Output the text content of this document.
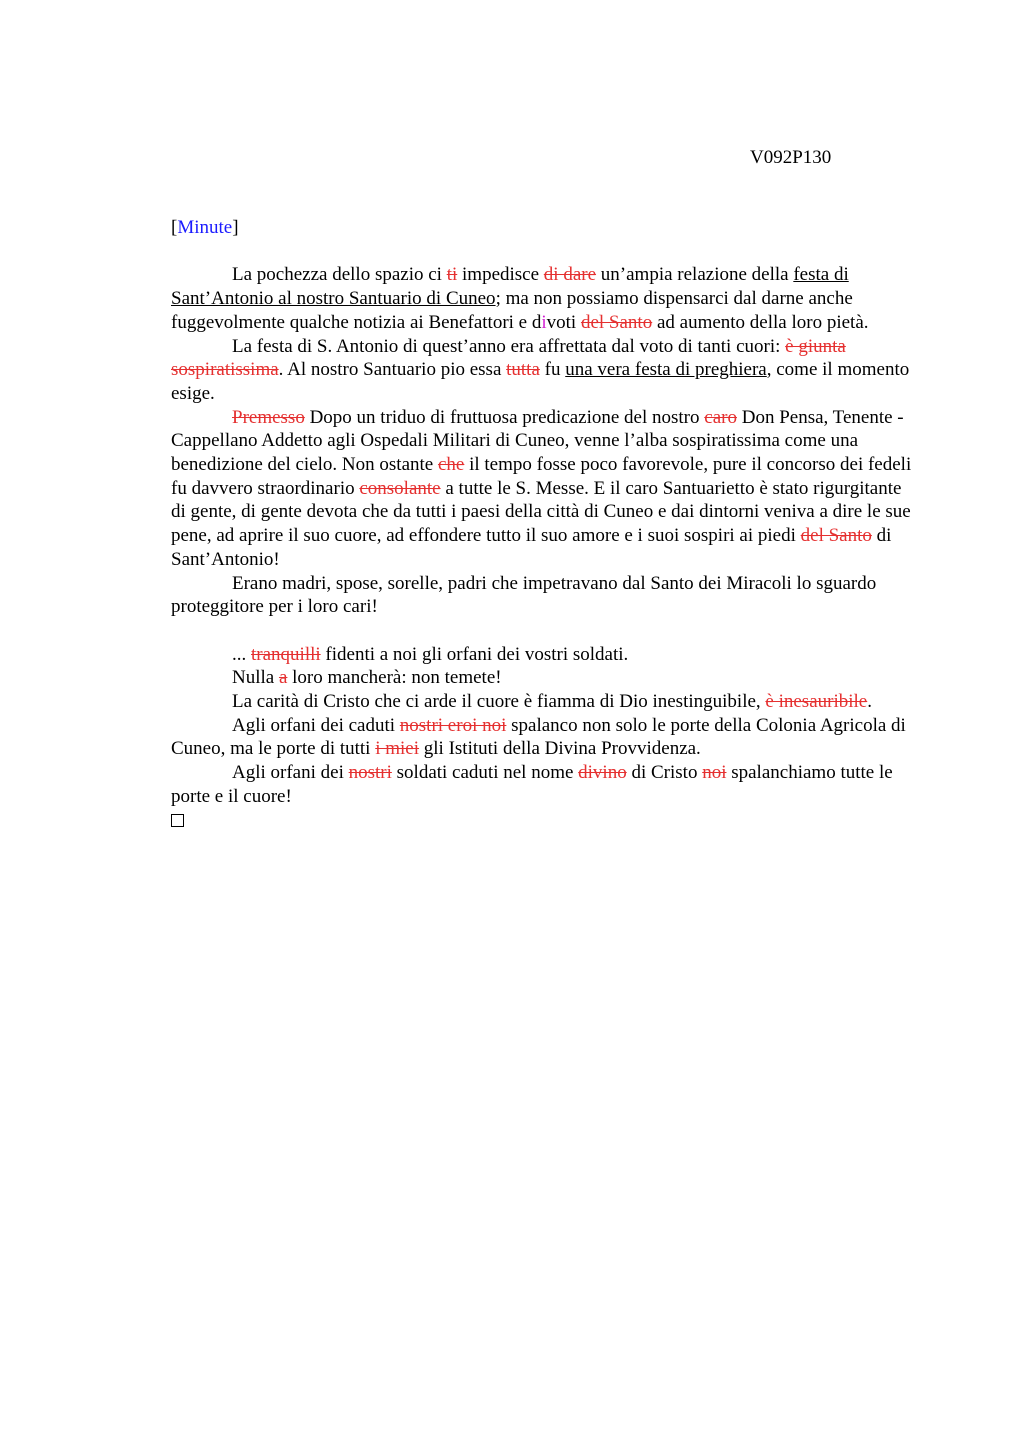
V092P130
[Minute]

La pochezza dello spazio ci ti impedisce di dare un’ampia relazione della festa di Sant’Antonio al nostro Santuario di Cuneo; ma non possiamo dispensarci dal darne anche fuggevolmente qualche notizia ai Benefattori e divoti del Santo ad aumento della loro pietà.

La festa di S. Antonio di quest’anno era affrettata dal voto di tanti cuori: è giunta sospiratissima. Al nostro Santuario pio essa tutta fu una vera festa di preghiera, come il momento esige.

Premesso Dopo un triduo di fruttuosa predicazione del nostro caro Don Pensa, Tenente - Cappellano Addetto agli Ospedali Militari di Cuneo, venne l’alba sospiratissima come una benedizione del cielo. Non ostante che il tempo fosse poco favorevole, pure il concorso dei fedeli fu davvero straordinario consolante a tutte le S. Messe. E il caro Santuarietto è stato rigurgitante di gente, di gente devota che da tutti i paesi della città di Cuneo e dai dintorni veniva a dire le sue pene, ad aprire il suo cuore, ad effondere tutto il suo amore e i suoi sospiri ai piedi del Santo di Sant’Antonio!

Erano madri, spose, sorelle, padri che impetravano dal Santo dei Miracoli lo sguardo proteggitore per i loro cari!

... tranquilli fidenti a noi gli orfani dei vostri soldati.

Nulla a loro mancherà: non temete!

La carità di Cristo che ci arde il cuore è fiamma di Dio inestinguibile, è inesauribile.

Agli orfani dei caduti nostri eroi noi spalanco non solo le porte della Colonia Agricola di Cuneo, ma le porte di tutti i miei gli Istituti della Divina Provvidenza.

Agli orfani dei nostri soldati caduti nel nome divino di Cristo noi spalanchiamo tutte le porte e il cuore!
